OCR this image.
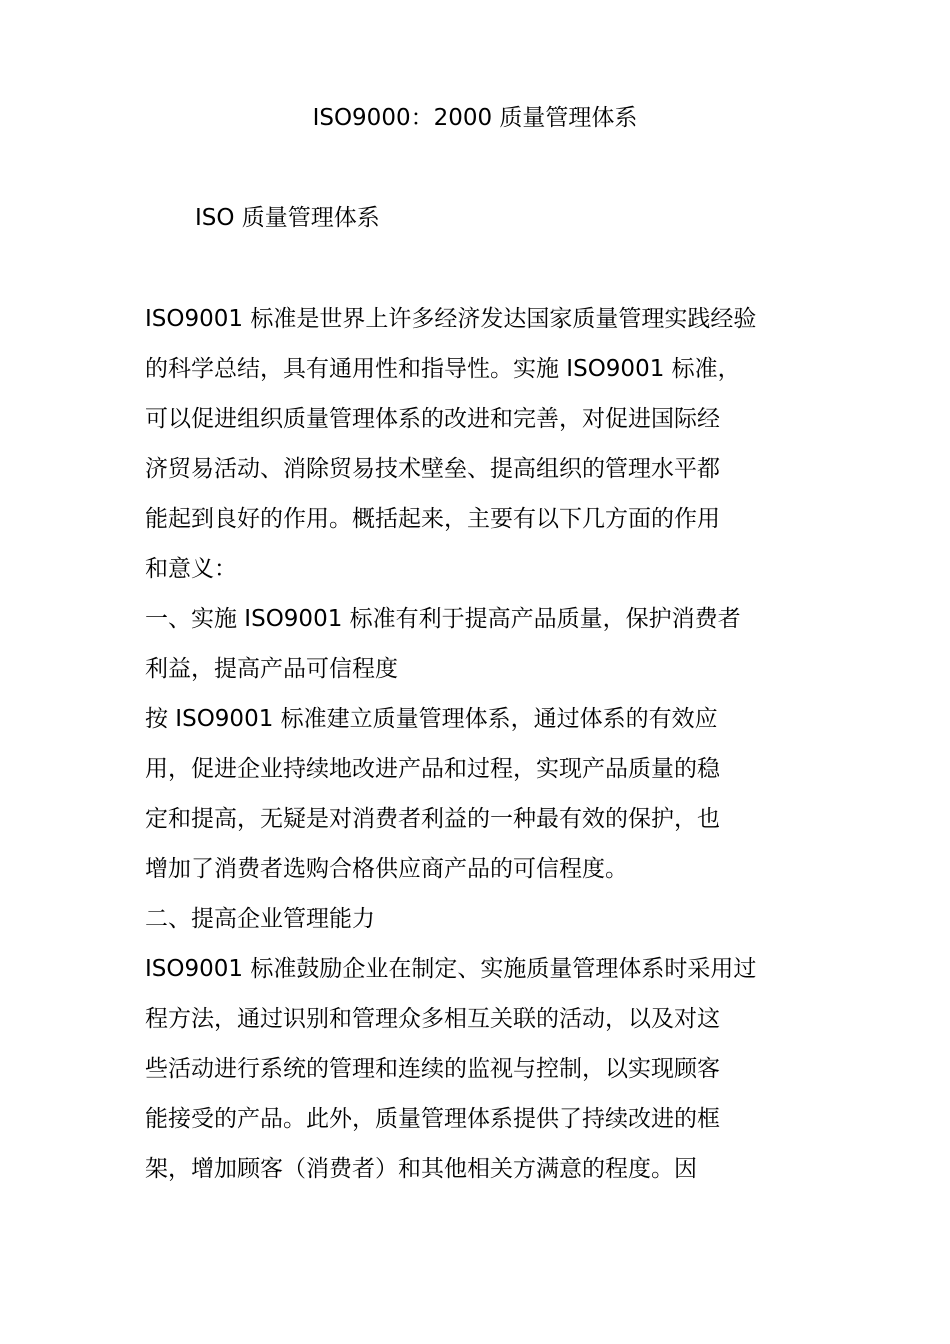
ISO9000：2000 质量管理体系
ISO 质量管理体系
ISO9001 标准是世界上许多经济发达国家质量管理实践经验
的科学总结，具有通用性和指导性。实施 ISO9001 标准，
可以促进组织质量管理体系的改进和完善，对促进国际经
济贸易活动、消除贸易技术壁垒、提高组织的管理水平都
能起到良好的作用。概括起来，主要有以下几方面的作用
和意义：
一、实施 ISO9001 标准有利于提高产品质量，保护消费者
利益，提高产品可信程度
按 ISO9001 标准建立质量管理体系，通过体系的有效应
用，促进企业持续地改进产品和过程，实现产品质量的稳
定和提高，无疑是对消费者利益的一种最有效的保护，也
增加了消费者选购合格供应商产品的可信程度。
二、提高企业管理能力
ISO9001 标准鼓励企业在制定、实施质量管理体系时采用过
程方法，通过识别和管理众多相互关联的活动，以及对这
些活动进行系统的管理和连续的监视与控制，以实现顾客
能接受的产品。此外，质量管理体系提供了持续改进的框
架，增加顾客（消费者）和其他相关方满意的程度。因
